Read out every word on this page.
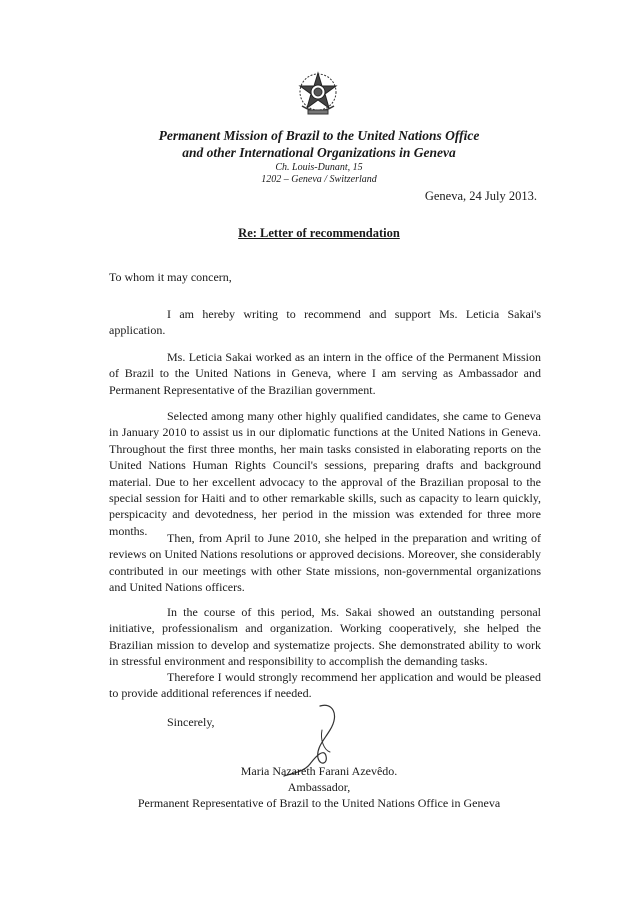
Permanent Mission of Brazil to the United Nations Office
and other International Organizations in Geneva
Ch. Louis-Dunant, 15
1202 – Geneva / Switzerland
Geneva, 24 July 2013.
Re: Letter of recommendation
To whom it may concern,

I am hereby writing to recommend and support Ms. Leticia Sakai's application.

Ms. Leticia Sakai worked as an intern in the office of the Permanent Mission of Brazil to the United Nations in Geneva, where I am serving as Ambassador and Permanent Representative of the Brazilian government.

Selected among many other highly qualified candidates, she came to Geneva in January 2010 to assist us in our diplomatic functions at the United Nations in Geneva. Throughout the first three months, her main tasks consisted in elaborating reports on the United Nations Human Rights Council's sessions, preparing drafts and background material. Due to her excellent advocacy to the approval of the Brazilian proposal to the special session for Haiti and to other remarkable skills, such as capacity to learn quickly, perspicacity and devotedness, her period in the mission was extended for three more months.

Then, from April to June 2010, she helped in the preparation and writing of reviews on United Nations resolutions or approved decisions. Moreover, she considerably contributed in our meetings with other State missions, non-governmental organizations and United Nations officers.

In the course of this period, Ms. Sakai showed an outstanding personal initiative, professionalism and organization. Working cooperatively, she helped the Brazilian mission to develop and systematize projects. She demonstrated ability to work in stressful environment and responsibility to accomplish the demanding tasks.

Therefore I would strongly recommend her application and would be pleased to provide additional references if needed.

Sincerely,
Maria Nazareth Farani Azevêdo.
Ambassador,
Permanent Representative of Brazil to the United Nations Office in Geneva
